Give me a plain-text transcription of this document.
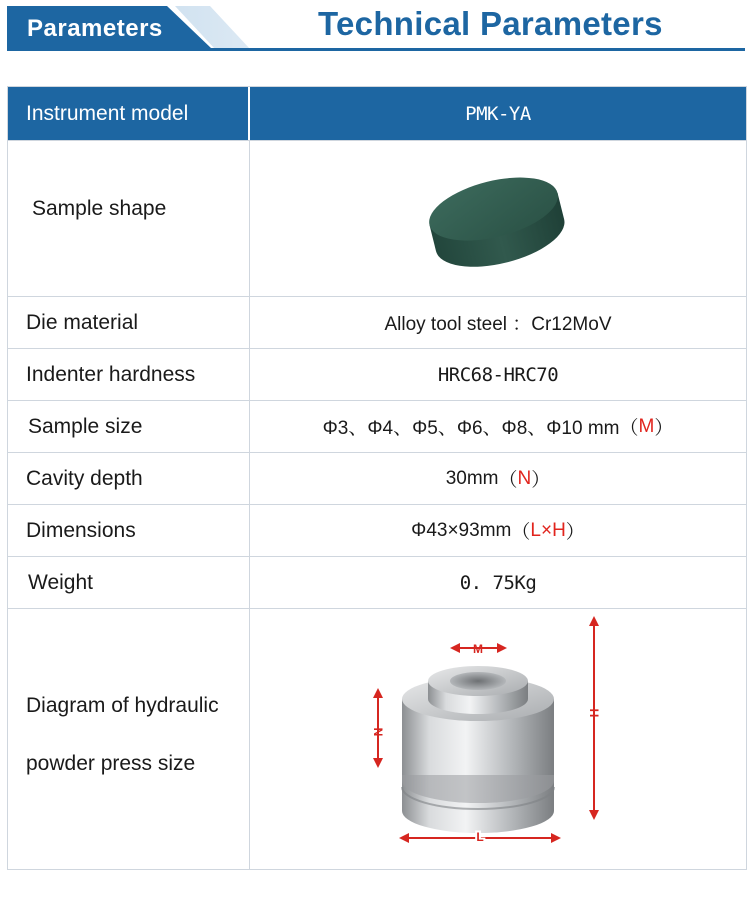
Parameters	Technical Parameters
Instrument model	PMK-YA
Sample shape
Die material	Alloy tool steel ：Cr12MoV
Indenter hardness	HRC68-HRC70
Sample size	Φ3、Φ4、Φ5、Φ6、Φ8、Φ10 mm （ M ）
Cavity depth	30mm （ N ）
Dimensions	Φ43×93mm （ L × H ）
Weight	0. 75Kg
Diagram of hydraulic
powder press size
M
N
H
L
